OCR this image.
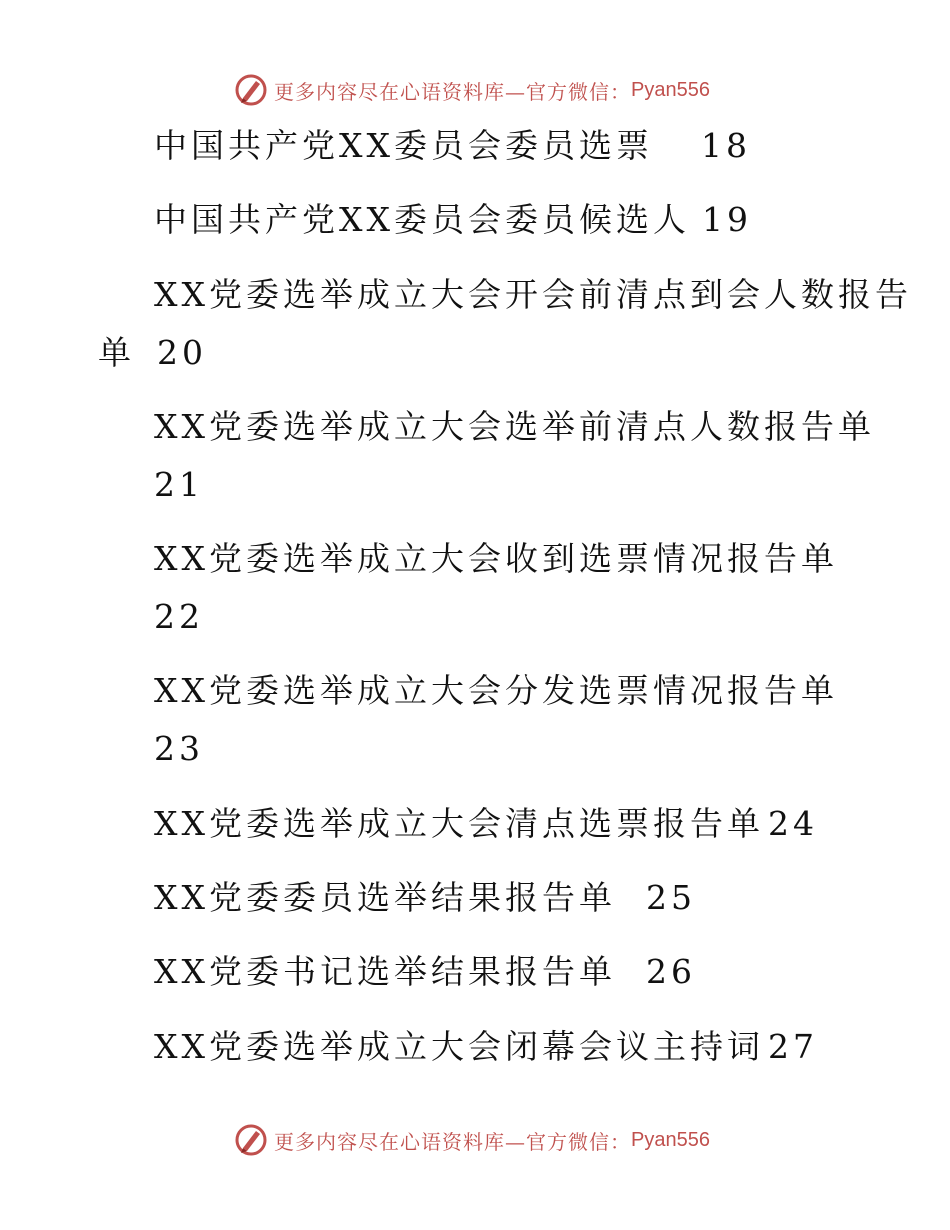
更多内容尽在心语资料库—官方微信： Pyan556
中国共产党XX委员会委员选票 18
中国共产党XX委员会委员候选人 19
XX党委选举成立大会开会前清点到会人数报告
单 20
XX党委选举成立大会选举前清点人数报告单
21
XX党委选举成立大会收到选票情况报告单
22
XX党委选举成立大会分发选票情况报告单
23
XX党委选举成立大会清点选票报告单 24
XX党委委员选举结果报告单 25
XX党委书记选举结果报告单 26
XX党委选举成立大会闭幕会议主持词 27
更多内容尽在心语资料库—官方微信： Pyan556
